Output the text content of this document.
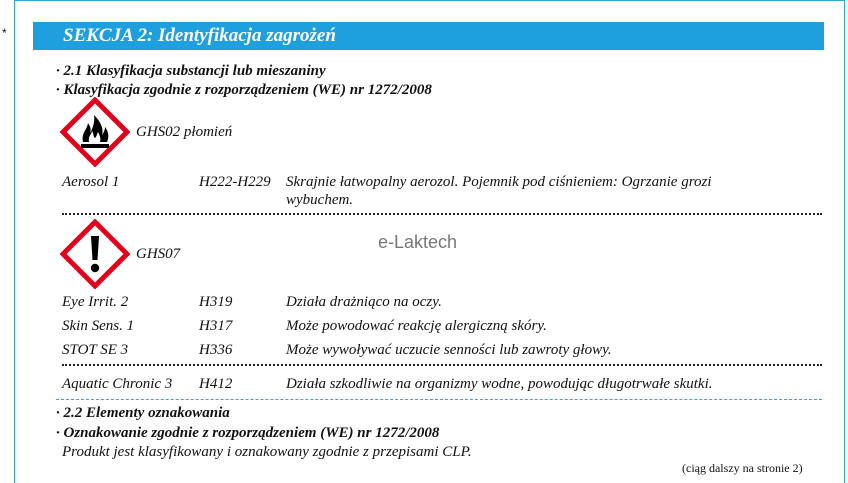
*	SEKCJA 2: Identyfikacja zagrożeń
· 2.1 Klasyfikacja substancji lub mieszaniny
· Klasyfikacja zgodnie z rozporządzeniem (WE) nr 1272/2008
GHS02 płomień
Aerosol 1	H222-H229 Skrajnie łatwopalny aerozol. Pojemnik pod ciśnieniem: Ogrzanie grozi
wybuchem.
GHS07
e-Laktech
Eye Irrit. 2	H319	Działa drażniąco na oczy.
Skin Sens. 1	H317	Może powodować reakcję alergiczną skóry.
STOT SE 3	H336	Może wywoływać uczucie senności lub zawroty głowy.
Aquatic Chronic 3 H412	Działa szkodliwie na organizmy wodne, powodując długotrwałe skutki.
· 2.2 Elementy oznakowania
· Oznakowanie zgodnie z rozporządzeniem (WE) nr 1272/2008
Produkt jest klasyfikowany i oznakowany zgodnie z przepisami CLP.
(ciąg dalszy na stronie 2)
